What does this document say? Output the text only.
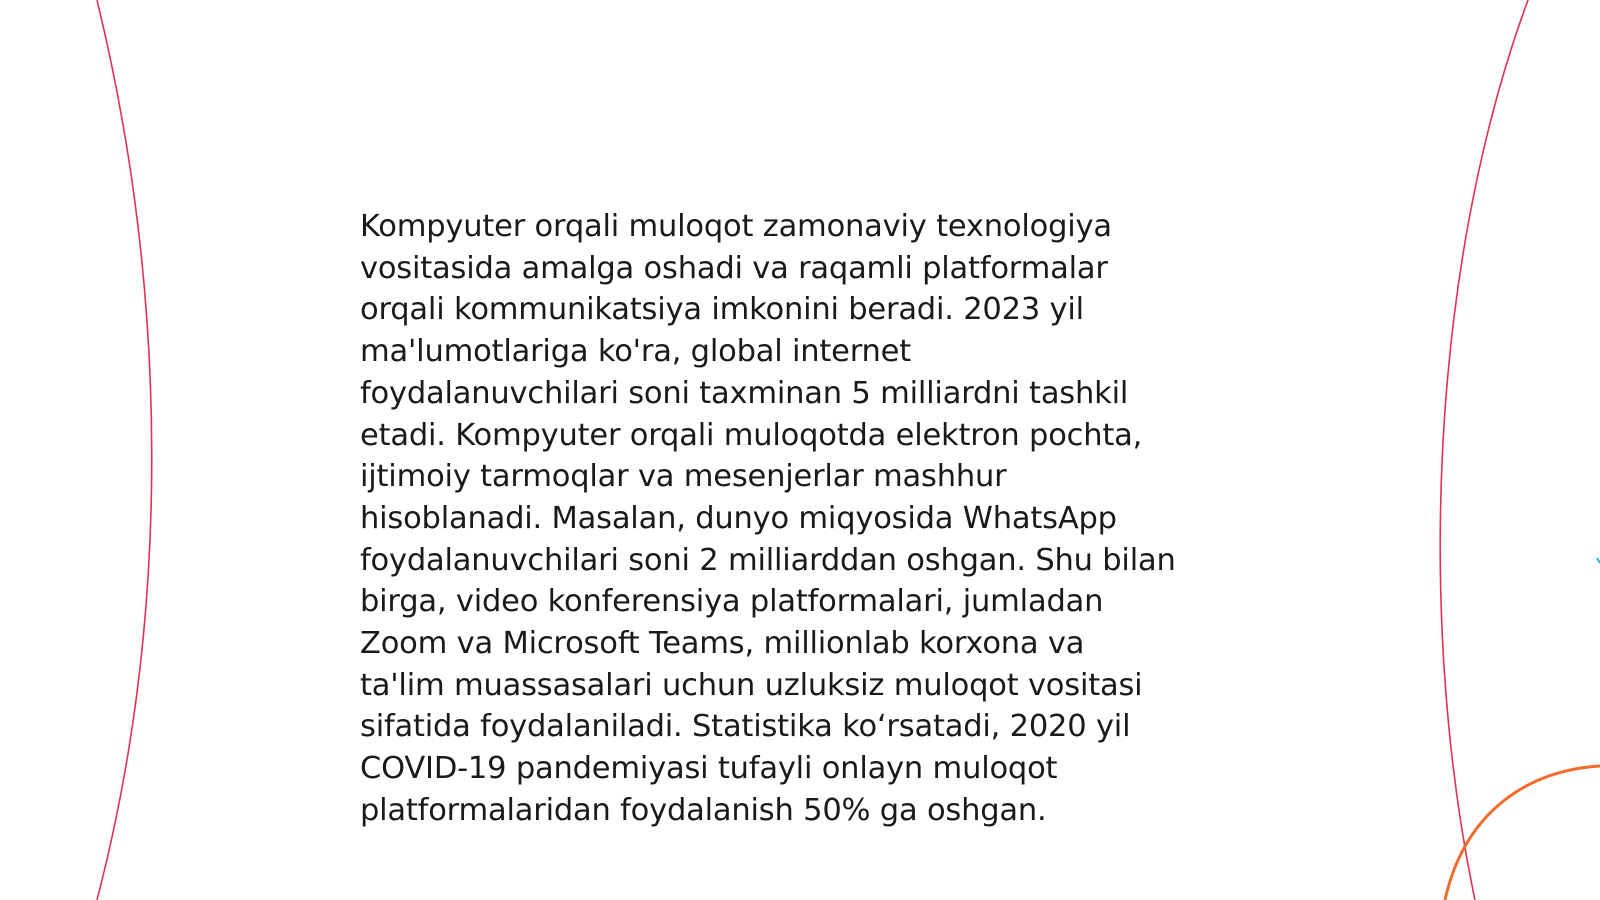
Kompyuter orqali muloqot zamonaviy texnologiya
vositasida amalga oshadi va raqamli platformalar
orqali kommunikatsiya imkonini beradi. 2023 yil
ma'lumotlariga ko'ra, global internet
foydalanuvchilari soni taxminan 5 milliardni tashkil
etadi. Kompyuter orqali muloqotda elektron pochta,
ijtimoiy tarmoqlar va mesenjerlar mashhur
hisoblanadi. Masalan, dunyo miqyosida WhatsApp
foydalanuvchilari soni 2 milliarddan oshgan. Shu bilan
birga, video konferensiya platformalari, jumladan
Zoom va Microsoft Teams, millionlab korxona va
ta'lim muassasalari uchun uzluksiz muloqot vositasi
sifatida foydalaniladi. Statistika ko‘rsatadi, 2020 yil
COVID-19 pandemiyasi tufayli onlayn muloqot
platformalaridan foydalanish 50% ga oshgan.
